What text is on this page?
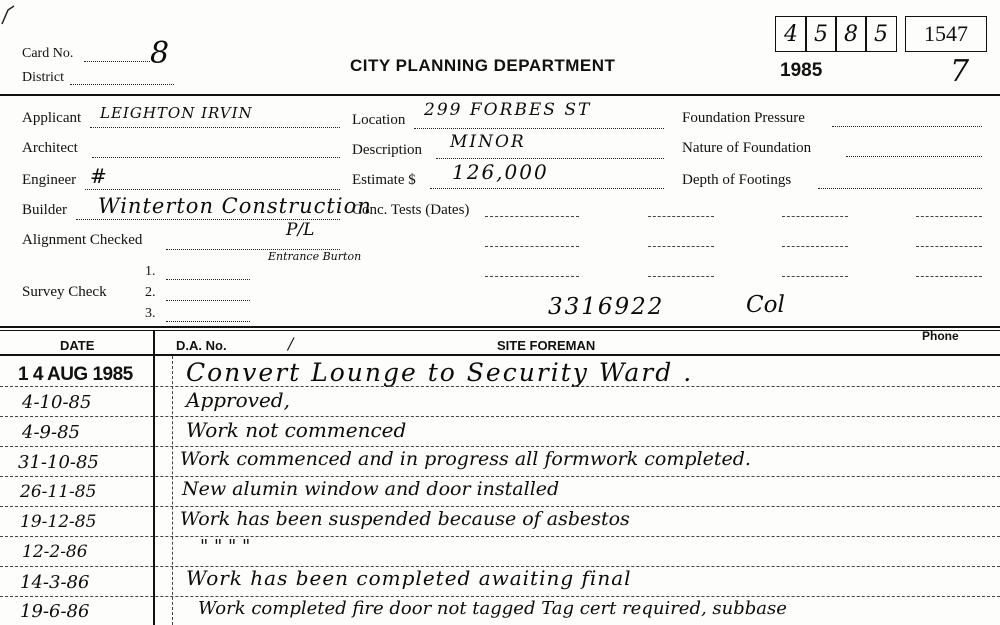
Card No.	8
District
CITY PLANNING DEPARTMENT
4 5 8 5 1547
1985	7
Applicant LEIGHTON IRVIN
Architect
Engineer #
Builder Winterton Construction
Alignment Checked	P/L
Entrance Burton
1.
Survey Check	2.
3.
Location 299 FORBES ST
Description MINOR
Estimate $ 126,000
Conc. Tests (Dates)
Foundation Pressure
Nature of Foundation
Depth of Footings
3316922	Col
DATE	D.A. No.	/	SITE FOREMAN
Phone
1 4 AUG 1985 Convert Lounge to Security Ward .
4-10-85	Approved,
4-9-85	Work not commenced
31-10-85	Work commenced and in progress all formwork completed.
26-11-85	New alumin window and door installed
19-12-85	Work has been suspended because of asbestos
12-2-86	" " " "
14-3-86	Work has been completed awaiting final
19-6-86	Work completed fire door not tagged Tag cert required, subbase
